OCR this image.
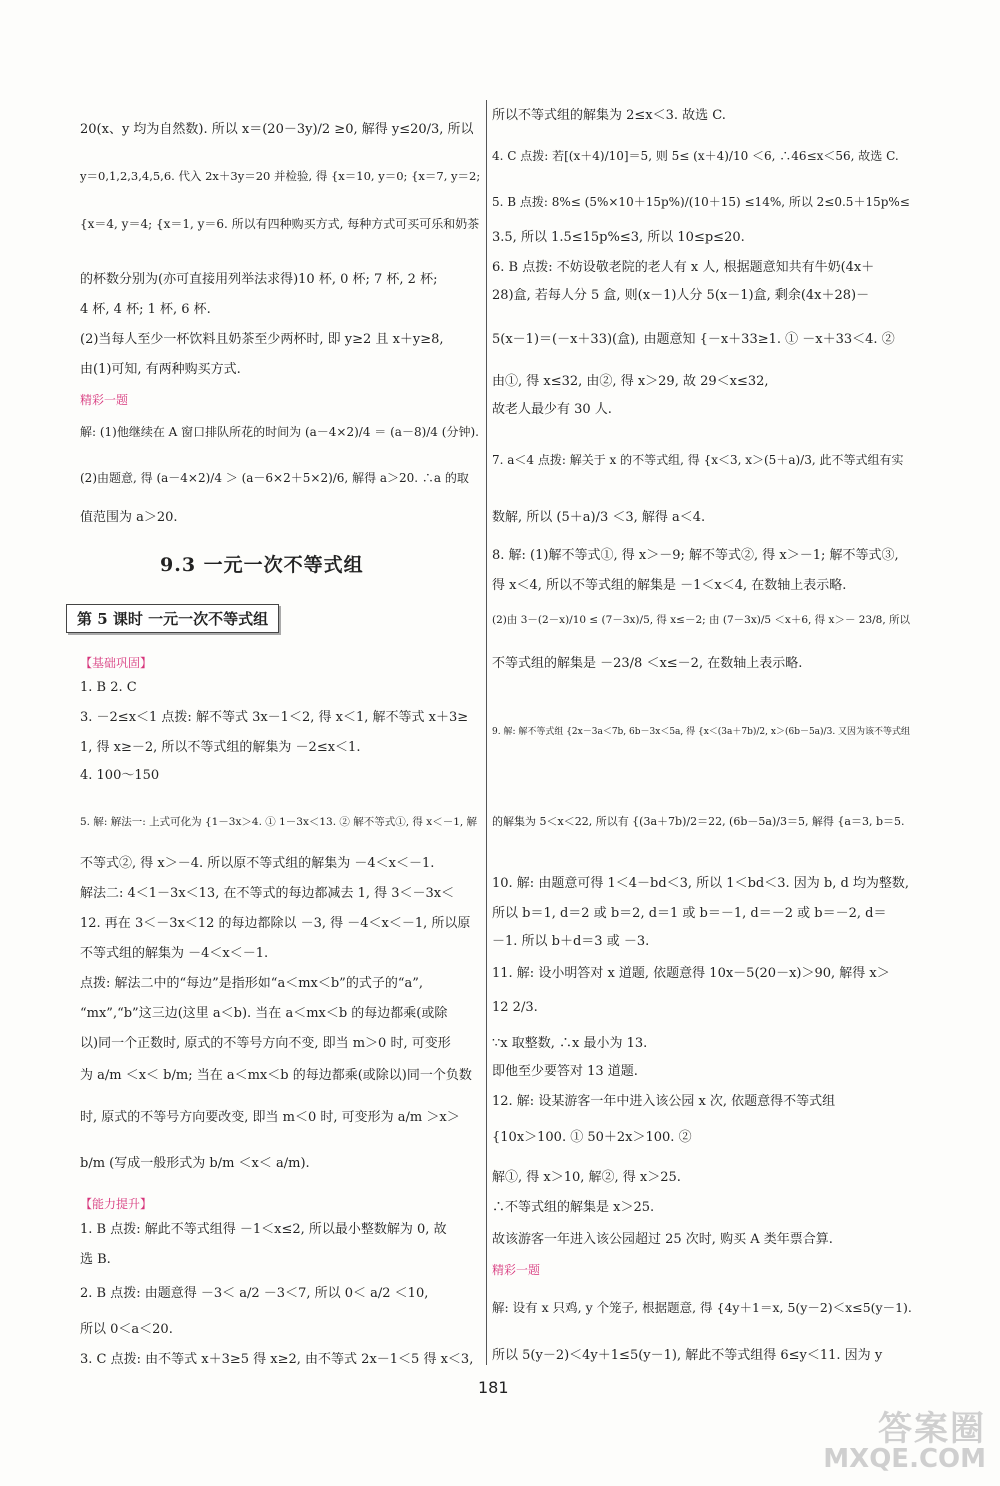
20(x、y 均为自然数). 所以 x＝(20－3y)/2 ≥0, 解得 y≤20/3, 所以
y＝0,1,2,3,4,5,6. 代入 2x＋3y＝20 并检验, 得 {x＝10, y＝0; {x＝7, y＝2;
{x＝4, y＝4; {x＝1, y＝6. 所以有四种购买方式, 每种方式可买可乐和奶茶
的杯数分别为(亦可直接用列举法求得)10 杯, 0 杯; 7 杯, 2 杯;
4 杯, 4 杯; 1 杯, 6 杯.
(2)当每人至少一杯饮料且奶茶至少两杯时, 即 y≥2 且 x＋y≥8,
由(1)可知, 有两种购买方式.
精彩一题
解: (1)他继续在 A 窗口排队所花的时间为 (a－4×2)/4 ＝ (a－8)/4 (分钟).
(2)由题意, 得 (a－4×2)/4 ＞ (a－6×2＋5×2)/6, 解得 a＞20. ∴a 的取
值范围为 a＞20.
【基础巩固】
1. B 2. C
3. －2≤x＜1 点拨: 解不等式 3x－1＜2, 得 x＜1, 解不等式 x＋3≥
1, 得 x≥－2, 所以不等式组的解集为 －2≤x＜1.
4. 100～150
5. 解: 解法一: 上式可化为 {1－3x＞4. ① 1－3x＜13. ② 解不等式①, 得 x＜－1, 解
不等式②, 得 x＞－4. 所以原不等式组的解集为 －4＜x＜－1.
解法二: 4＜1－3x＜13, 在不等式的每边都减去 1, 得 3＜－3x＜
12. 再在 3＜－3x＜12 的每边都除以 －3, 得 －4＜x＜－1, 所以原
不等式组的解集为 －4＜x＜－1.
点拨: 解法二中的“每边”是指形如“a＜mx＜b”的式子的“a”,
“mx”,“b”这三边(这里 a＜b). 当在 a＜mx＜b 的每边都乘(或除
以)同一个正数时, 原式的不等号方向不变, 即当 m＞0 时, 可变形
为 a/m ＜x＜ b/m; 当在 a＜mx＜b 的每边都乘(或除以)同一个负数
时, 原式的不等号方向要改变, 即当 m＜0 时, 可变形为 a/m ＞x＞
b/m (写成一般形式为 b/m ＜x＜ a/m).
【能力提升】
1. B 点拨: 解此不等式组得 －1＜x≤2, 所以最小整数解为 0, 故
选 B.
2. B 点拨: 由题意得 －3＜ a/2 －3＜7, 所以 0＜ a/2 ＜10,
所以 0＜a＜20.
3. C 点拨: 由不等式 x＋3≥5 得 x≥2, 由不等式 2x－1＜5 得 x＜3,
所以不等式组的解集为 2≤x＜3. 故选 C.
4. C 点拨: 若[(x＋4)/10]＝5, 则 5≤ (x＋4)/10 ＜6, ∴46≤x＜56, 故选 C.
5. B 点拨: 8%≤ (5%×10＋15p%)/(10＋15) ≤14%, 所以 2≤0.5＋15p%≤
3.5, 所以 1.5≤15p%≤3, 所以 10≤p≤20.
6. B 点拨: 不妨设敬老院的老人有 x 人, 根据题意知共有牛奶(4x＋
28)盒, 若每人分 5 盒, 则(x－1)人分 5(x－1)盒, 剩余(4x＋28)－
5(x－1)＝(－x＋33)(盒), 由题意知 {－x＋33≥1. ① －x＋33＜4. ②
由①, 得 x≤32, 由②, 得 x＞29, 故 29＜x≤32,
故老人最少有 30 人.
7. a＜4 点拨: 解关于 x 的不等式组, 得 {x＜3, x＞(5＋a)/3, 此不等式组有实
数解, 所以 (5＋a)/3 ＜3, 解得 a＜4.
8. 解: (1)解不等式①, 得 x＞－9; 解不等式②, 得 x＞－1; 解不等式③,
得 x＜4, 所以不等式组的解集是 －1＜x＜4, 在数轴上表示略.
(2)由 3－(2－x)/10 ≤ (7－3x)/5, 得 x≤－2; 由 (7－3x)/5 ＜x＋6, 得 x＞－ 23/8, 所以
不等式组的解集是 －23/8 ＜x≤－2, 在数轴上表示略.
9. 解: 解不等式组 {2x－3a＜7b, 6b－3x＜5a, 得 {x＜(3a＋7b)/2, x＞(6b－5a)/3. 又因为该不等式组
的解集为 5＜x＜22, 所以有 {(3a＋7b)/2＝22, (6b－5a)/3＝5, 解得 {a＝3, b＝5.
10. 解: 由题意可得 1＜4－bd＜3, 所以 1＜bd＜3. 因为 b, d 均为整数,
所以 b＝1, d＝2 或 b＝2, d＝1 或 b＝－1, d＝－2 或 b＝－2, d＝
－1. 所以 b＋d＝3 或 －3.
11. 解: 设小明答对 x 道题, 依题意得 10x－5(20－x)＞90, 解得 x＞
12 2/3.
∵x 取整数, ∴x 最小为 13.
即他至少要答对 13 道题.
12. 解: 设某游客一年中进入该公园 x 次, 依题意得不等式组
{10x＞100. ① 50＋2x＞100. ②
解①, 得 x＞10, 解②, 得 x＞25.
∴不等式组的解集是 x＞25.
故该游客一年进入该公园超过 25 次时, 购买 A 类年票合算.
精彩一题
解: 设有 x 只鸡, y 个笼子, 根据题意, 得 {4y＋1＝x, 5(y－2)＜x≤5(y－1).
所以 5(y－2)＜4y＋1≤5(y－1), 解此不等式组得 6≤y＜11. 因为 y
9.3 一元一次不等式组
第 5 课时 一元一次不等式组
181
答案圈
MXQE.COM
